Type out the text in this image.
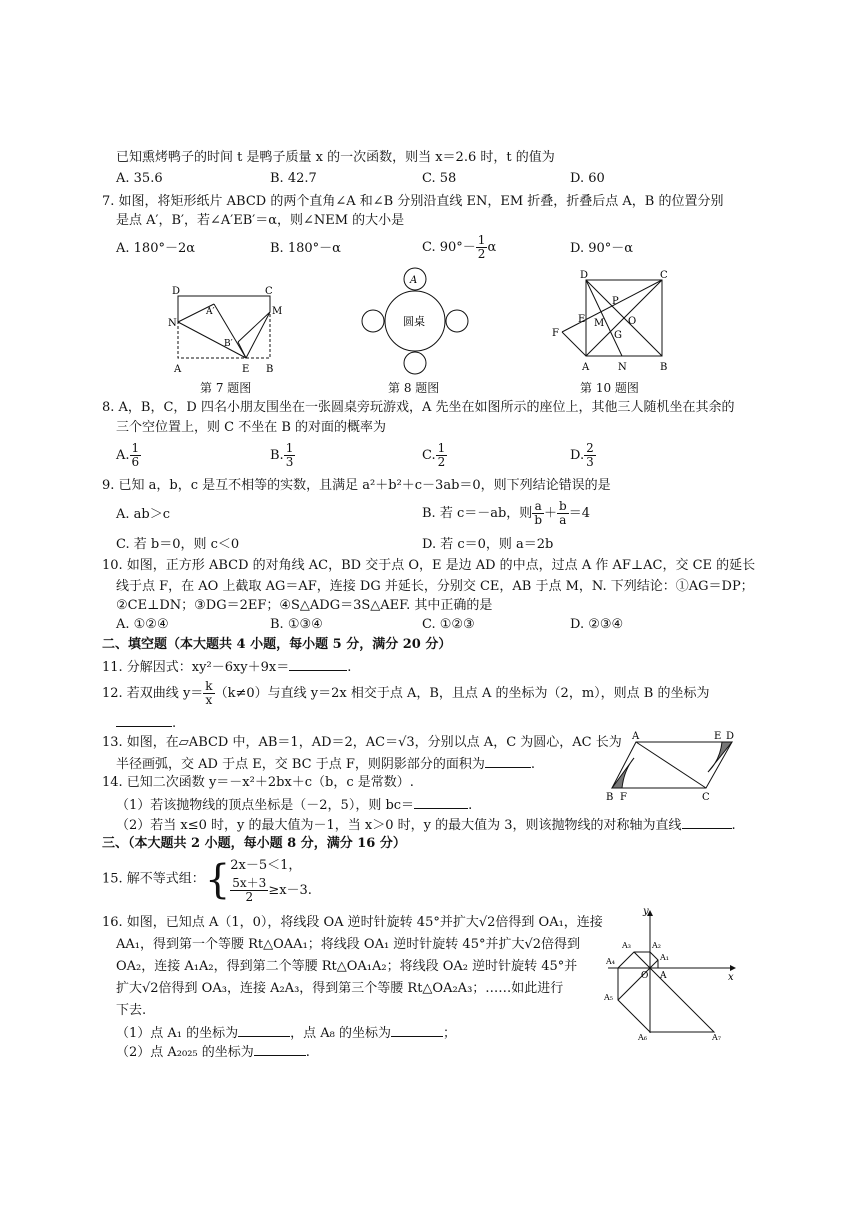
已知熏烤鸭子的时间 t 是鸭子质量 x 的一次函数，则当 x＝2.6 时，t 的值为
A. 35.6	B. 42.7	C. 58	D. 60
7. 如图，将矩形纸片 ABCD 的两个直角∠A 和∠B 分别沿直线 EN，EM 折叠，折叠后点 A，B 的位置分别
是点 A′，B′，若∠A′EB′＝α，则∠NEM 的大小是
A. 180°－2α	B. 180°－α	C. $90^\circ- \frac{1}{2}$ α	D. 90°－α
D	C
A′
N
M
B′
A	E B
第 7 题图
A
圆桌
第 8 题图
D	C
P
E M O
F	G
A	N	B
第 10 题图
8. A，B，C，D 四名小朋友围坐在一张圆桌旁玩游戏，A 先坐在如图所示的座位上，其他三人随机坐在其余的
三个空位置上，则 C 不坐在 B 的对面的概率为
A. $\frac{1}{6}$	B. $\frac{1}{3}$	C. $\frac{1}{2}$	D. $\frac{2}{3}$
9. 已知 a，b，c 是互不相等的实数，且满足 a²＋b²＋c－3ab＝0，则下列结论错误的是
A. ab＞c	B. 若 c＝－ab，则 $\frac{a}{b} + \frac{b}{a} =4$
C. 若 b＝0，则 c＜0	D. 若 c＝0，则 a＝2b
10. 如图，正方形 ABCD 的对角线 AC，BD 交于点 O，E 是边 AD 的中点，过点 A 作 AF⊥AC，交 CE 的延长
线于点 F，在 AO 上截取 AG＝AF，连接 DG 并延长，分别交 CE，AB 于点 M，N. 下列结论：①AG＝DP；
②CE⊥DN；③DG＝2EF；④S△ADG＝3S△AEF. 其中正确的是
A. ①②④	B. ①③④	C. ①②③	D. ②③④
二、填空题（本大题共 4 小题，每小题 5 分，满分 20 分）
11. 分解因式：xy²－6xy＋9x＝	.
12. 若双曲线 $y= \frac{k}{x} (k\ne 0)$与直线 y＝2x 相交于点 A，B，且点 A 的坐标为（2，m），则点 B 的坐标为
.
13. 如图，在▱ABCD 中，AB＝1，AD＝2，AC＝√3，分别以点 A，C 为圆心，AC 长为
半径画弧，交 AD 于点 E，交 BC 于点 F，则阴影部分的面积为	.
A	E D
B F	C
14. 已知二次函数 y＝－x²＋2bx＋c（b，c 是常数）.
（1）若该抛物线的顶点坐标是（－2，5），则 bc＝	.
（2）若当 x≤0 时，y 的最大值为－1，当 x＞0 时，y 的最大值为 3，则该抛物线的对称轴为直线	.
三、（本大题共 2 小题，每小题 8 分，满分 16 分）
15. 解不等式组：{ 2x－5＜1，
$\frac{5x+3}{2} \ge x-3$.
16. 如图，已知点 A（1，0），将线段 OA 逆时针旋转 45°并扩大√2倍得到 OA₁，连接
AA₁，得到第一个等腰 Rt△OAA₁；将线段 OA₁ 逆时针旋转 45°并扩大√2倍得到
OA₂，连接 A₁A₂，得到第二个等腰 Rt△OA₁A₂；将线段 OA₂ 逆时针旋转 45°并
扩大√2倍得到 OA₃，连接 A₂A₃，得到第三个等腰 Rt△OA₂A₃；……如此进行
下去.
（1）点 A₁ 的坐标为	，点 A₈ 的坐标为	；
（2）点 A₂₀₂₅ 的坐标为	.
y
x
O A
A₁
A₂
A₃
A₄
A₅
A₆	A₇
